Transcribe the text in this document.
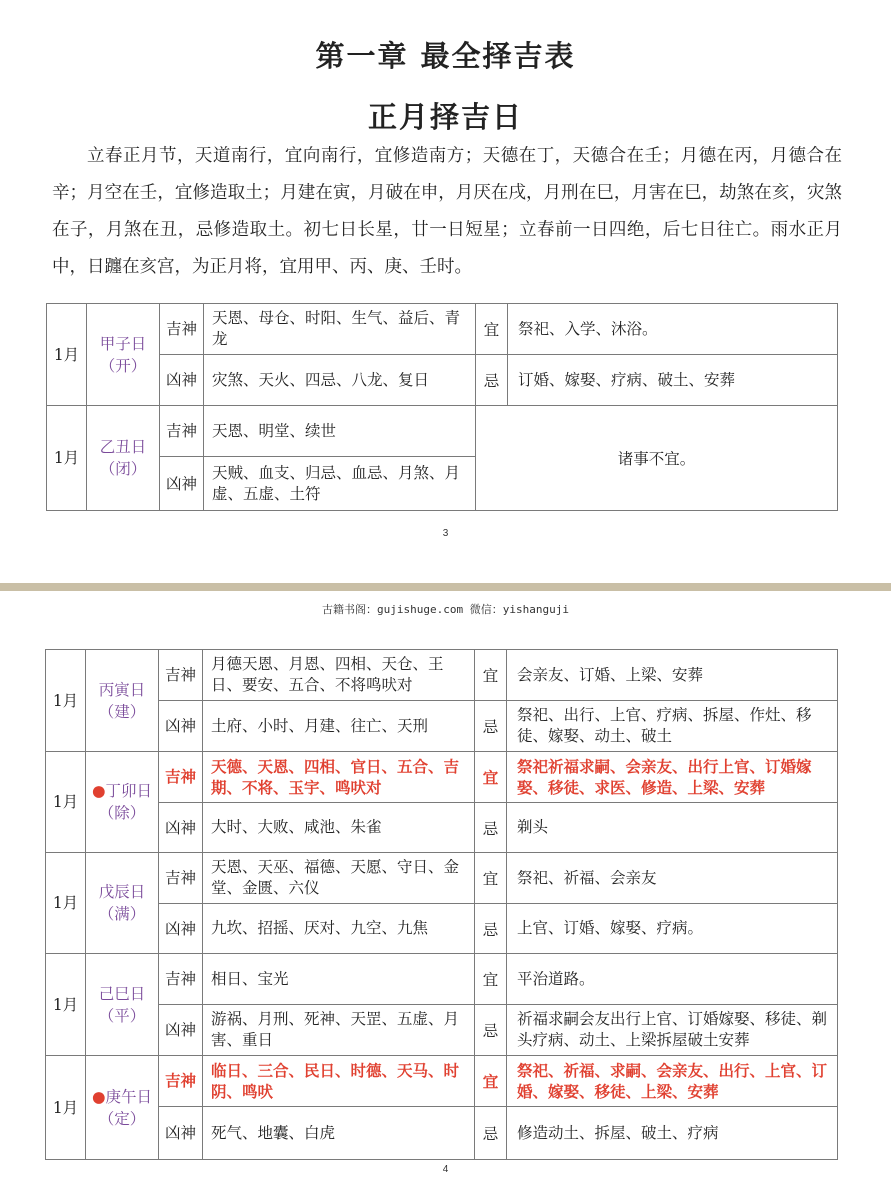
第一章 最全择吉表
正月择吉日

立春正月节，天道南行，宜向南行，宜修造南方；天德在丁，天德合在壬；月德在丙，月德合在辛；月空在壬，宜修造取土；月建在寅，月破在申，月厌在戌，月刑在巳，月害在巳，劫煞在亥，灾煞在子，月煞在丑，忌修造取土。初七日长星，廿一日短星；立春前一日四绝，后七日往亡。雨水正月中，日躔在亥宫，为正月将，宜用甲、丙、庚、壬时。

1月	甲子日（开）	吉神	天恩、母仓、时阳、生气、益后、青龙	宜	祭祀、入学、沐浴。
		凶神	灾煞、天火、四忌、八龙、复日	忌	订婚、嫁娶、疗病、破土、安葬
1月	乙丑日（闭）	吉神	天恩、明堂、续世	诸事不宜。	
		凶神	天贼、血支、归忌、血忌、月煞、月虚、五虚、土符		
3
古籍书阁：gujishuge.com 微信：yishanguji
1月	丙寅日（建）	吉神	月德天恩、月恩、四相、天仓、王日、要安、五合、不将鸣吠对	宜	会亲友、订婚、上梁、安葬
		凶神	土府、小时、月建、往亡、天刑	忌	祭祀、出行、上官、疗病、拆屋、作灶、移徒、嫁娶、动土、破土
1月	●丁卯日（除）	吉神	天德、天恩、四相、官日、五合、吉期、不将、玉宇、鸣吠对	宜	祭祀祈福求嗣、会亲友、出行上官、订婚嫁娶、移徒、求医、修造、上梁、安葬
		凶神	大时、大败、咸池、朱雀	忌	剃头
1月	戊辰日（满）	吉神	天恩、天巫、福德、天愿、守日、金堂、金匮、六仪	宜	祭祀、祈福、会亲友
		凶神	九坎、招摇、厌对、九空、九焦	忌	上官、订婚、嫁娶、疗病。
1月	己巳日（平）	吉神	相日、宝光	宜	平治道路。
		凶神	游祸、月刑、死神、天罡、五虚、月害、重日	忌	祈福求嗣会友出行上官、订婚嫁娶、移徒、剃头疗病、动土、上梁拆屋破土安葬
1月	●庚午日（定）	吉神	临日、三合、民日、时德、天马、时阴、鸣吠	宜	祭祀、祈福、求嗣、会亲友、出行、上官、订婚、嫁娶、移徒、上梁、安葬
		凶神	死气、地囊、白虎	忌	修造动土、拆屋、破土、疗病
4
